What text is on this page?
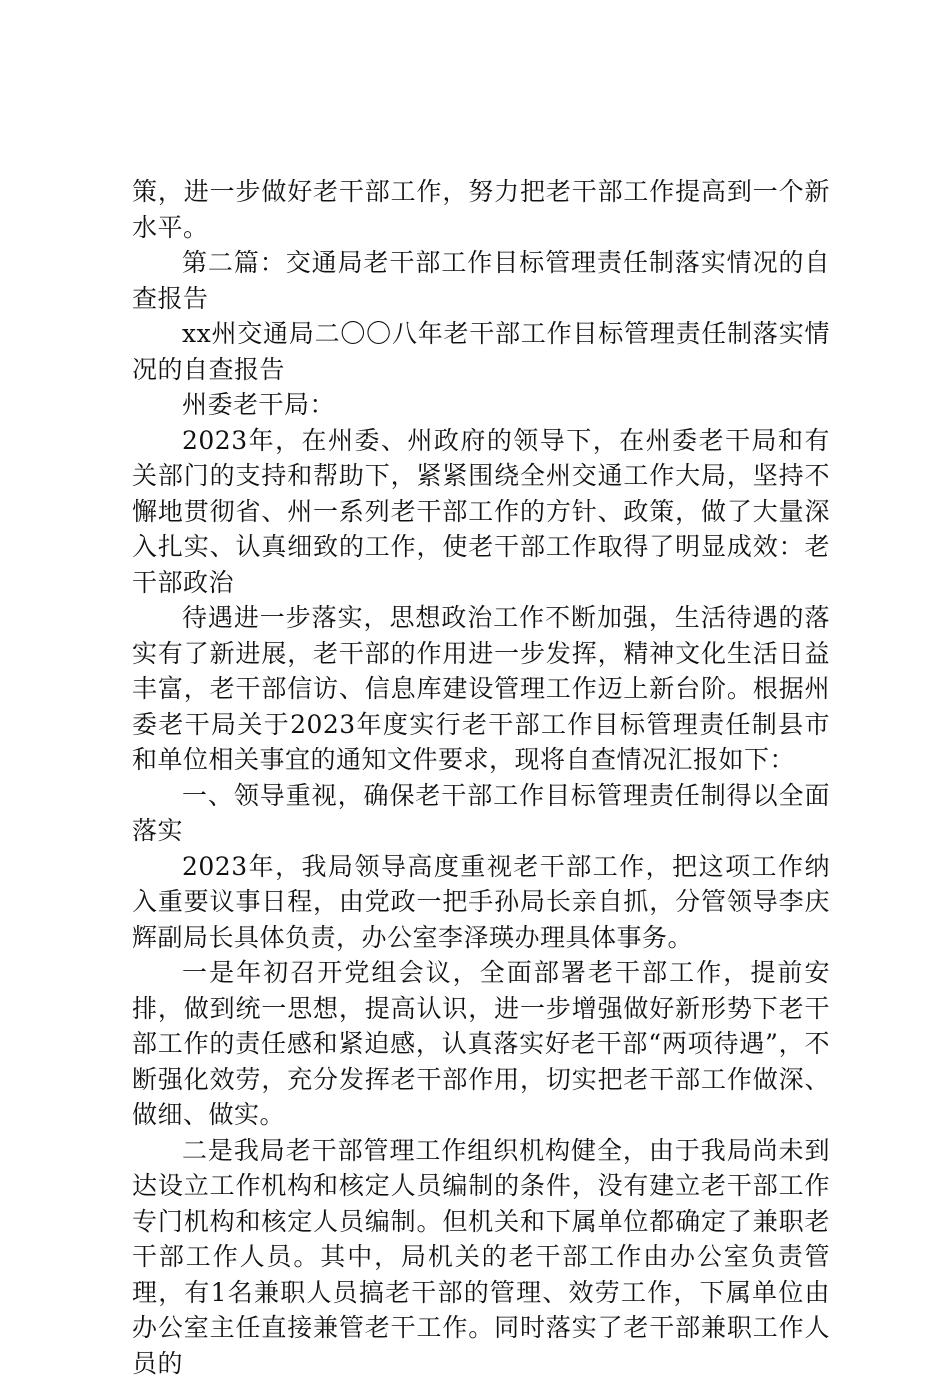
策，进一步做好老干部工作，努力把老干部工作提高到一个新水平。

第二篇：交通局老干部工作目标管理责任制落实情况的自查报告

xx州交通局二〇〇八年老干部工作目标管理责任制落实情况的自查报告

州委老干局：

2023年，在州委、州政府的领导下，在州委老干局和有关部门的支持和帮助下，紧紧围绕全州交通工作大局，坚持不懈地贯彻省、州一系列老干部工作的方针、政策，做了大量深入扎实、认真细致的工作，使老干部工作取得了明显成效：老干部政治

待遇进一步落实，思想政治工作不断加强，生活待遇的落实有了新进展，老干部的作用进一步发挥，精神文化生活日益丰富，老干部信访、信息库建设管理工作迈上新台阶。根据州委老干局关于2023年度实行老干部工作目标管理责任制县市和单位相关事宜的通知文件要求，现将自查情况汇报如下：

一、领导重视，确保老干部工作目标管理责任制得以全面落实

2023年，我局领导高度重视老干部工作，把这项工作纳入重要议事日程，由党政一把手孙局长亲自抓，分管领导李庆辉副局长具体负责，办公室李泽瑛办理具体事务。

一是年初召开党组会议，全面部署老干部工作，提前安排，做到统一思想，提高认识，进一步增强做好新形势下老干部工作的责任感和紧迫感，认真落实好老干部“两项待遇”，不断强化效劳，充分发挥老干部作用，切实把老干部工作做深、做细、做实。

二是我局老干部管理工作组织机构健全，由于我局尚未到达设立工作机构和核定人员编制的条件，没有建立老干部工作专门机构和核定人员编制。但机关和下属单位都确定了兼职老干部工作人员。其中，局机关的老干部工作由办公室负责管理，有1名兼职人员搞老干部的管理、效劳工作，下属单位由办公室主任直接兼管老干工作。同时落实了老干部兼职工作人员的
